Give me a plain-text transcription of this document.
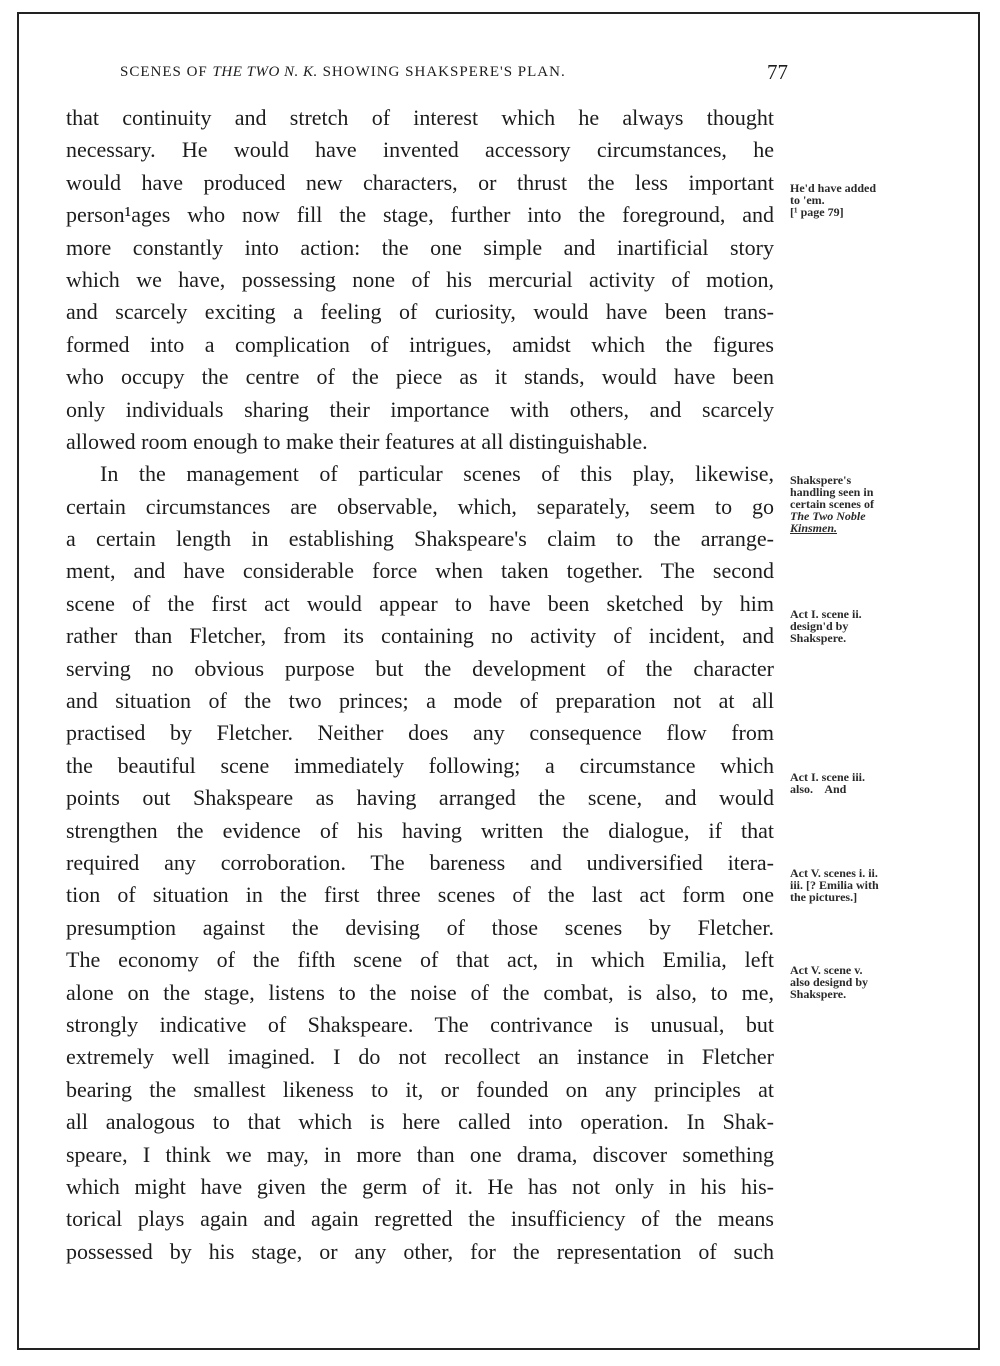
SCENES OF THE TWO N. K. SHOWING SHAKSPERE'S PLAN.	77
that continuity and stretch of interest which he always thought
necessary. He would have invented accessory circumstances, he
would have produced new characters, or thrust the less important
person¹ages who now fill the stage, further into the foreground, and
more constantly into action: the one simple and inartificial story
which we have, possessing none of his mercurial activity of motion,
and scarcely exciting a feeling of curiosity, would have been trans-
formed into a complication of intrigues, amidst which the figures
who occupy the centre of the piece as it stands, would have been
only individuals sharing their importance with others, and scarcely
allowed room enough to make their features at all distinguishable.
In the management of particular scenes of this play, likewise,
certain circumstances are observable, which, separately, seem to go
a certain length in establishing Shakspeare's claim to the arrange-
ment, and have considerable force when taken together. The second
scene of the first act would appear to have been sketched by him
rather than Fletcher, from its containing no activity of incident, and
serving no obvious purpose but the development of the character
and situation of the two princes; a mode of preparation not at all
practised by Fletcher. Neither does any consequence flow from
the beautiful scene immediately following; a circumstance which
points out Shakspeare as having arranged the scene, and would
strengthen the evidence of his having written the dialogue, if that
required any corroboration. The bareness and undiversified itera-
tion of situation in the first three scenes of the last act form one
presumption against the devising of those scenes by Fletcher.
The economy of the fifth scene of that act, in which Emilia, left
alone on the stage, listens to the noise of the combat, is also, to me,
strongly indicative of Shakspeare. The contrivance is unusual, but
extremely well imagined. I do not recollect an instance in Fletcher
bearing the smallest likeness to it, or founded on any principles at
all analogous to that which is here called into operation. In Shak-
speare, I think we may, in more than one drama, discover something
which might have given the germ of it. He has not only in his his-
torical plays again and again regretted the insufficiency of the means
possessed by his stage, or any other, for the representation of such
He'd have added
to 'em.
[¹ page 79]
Shakspere's
handling seen in
certain scenes of
The Two Noble
Kinsmen.
Act I. scene ii.
design'd by
Shakspere.
Act I. scene iii.
also.    And
Act V. scenes i. ii.
iii. [? Emilia with
the pictures.]
Act V. scene v.
also designd by
Shakspere.
